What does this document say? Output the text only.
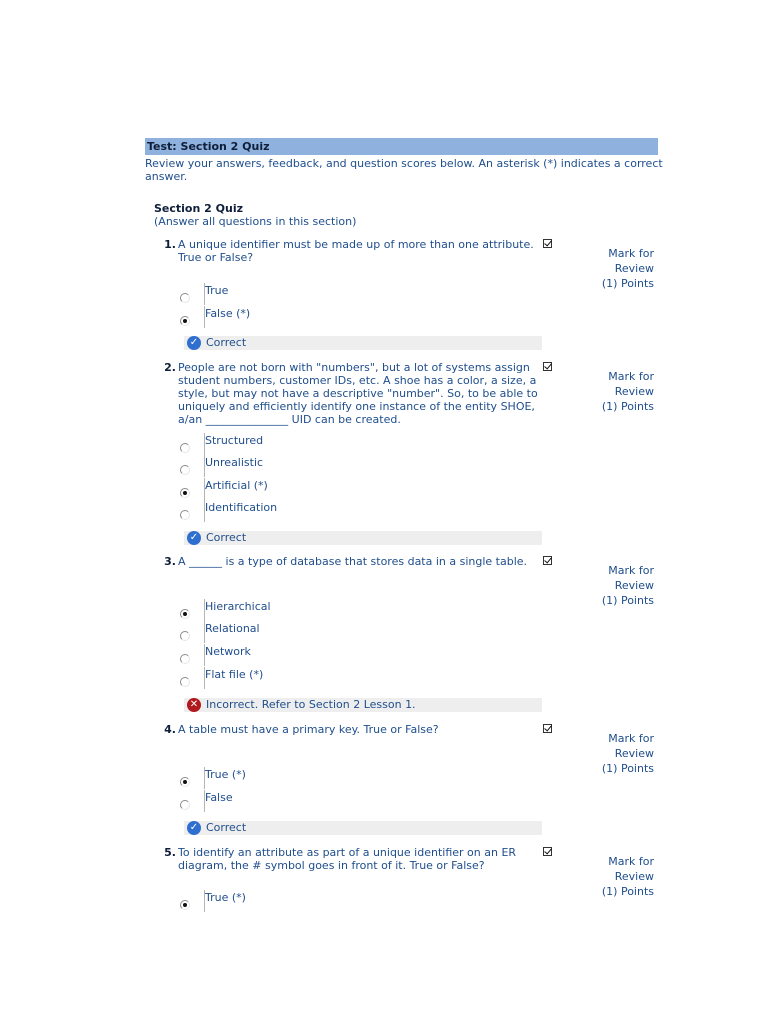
Test: Section 2 Quiz
Review your answers, feedback, and question scores below. An asterisk (*) indicates a correct answer.
Section 2 Quiz
(Answer all questions in this section)
1. A unique identifier must be made up of more than one attribute. True or False?	Mark for Review
(1) Points
True
False (*)
✓ Correct
2. People are not born with "numbers", but a lot of systems assign student numbers, customer IDs, etc. A shoe has a color, a size, a style, but may not have a descriptive "number". So, to be able to uniquely and efficiently identify one instance of the entity SHOE, a/an _______________ UID can be created.
Mark for Review
(1) Points
Structured
Unrealistic
Artificial (*)
Identification
✓ Correct
3. A ______ is a type of database that stores data in a single table.
Mark for Review
(1) Points
Hierarchical
Relational
Network
Flat file (*)
✕ Incorrect. Refer to Section 2 Lesson 1.
4. A table must have a primary key. True or False?
Mark for Review
(1) Points
True (*)
False
✓ Correct
5. To identify an attribute as part of a unique identifier on an ER diagram, the # symbol goes in front of it. True or False?	Mark for Review
(1) Points
True (*)
